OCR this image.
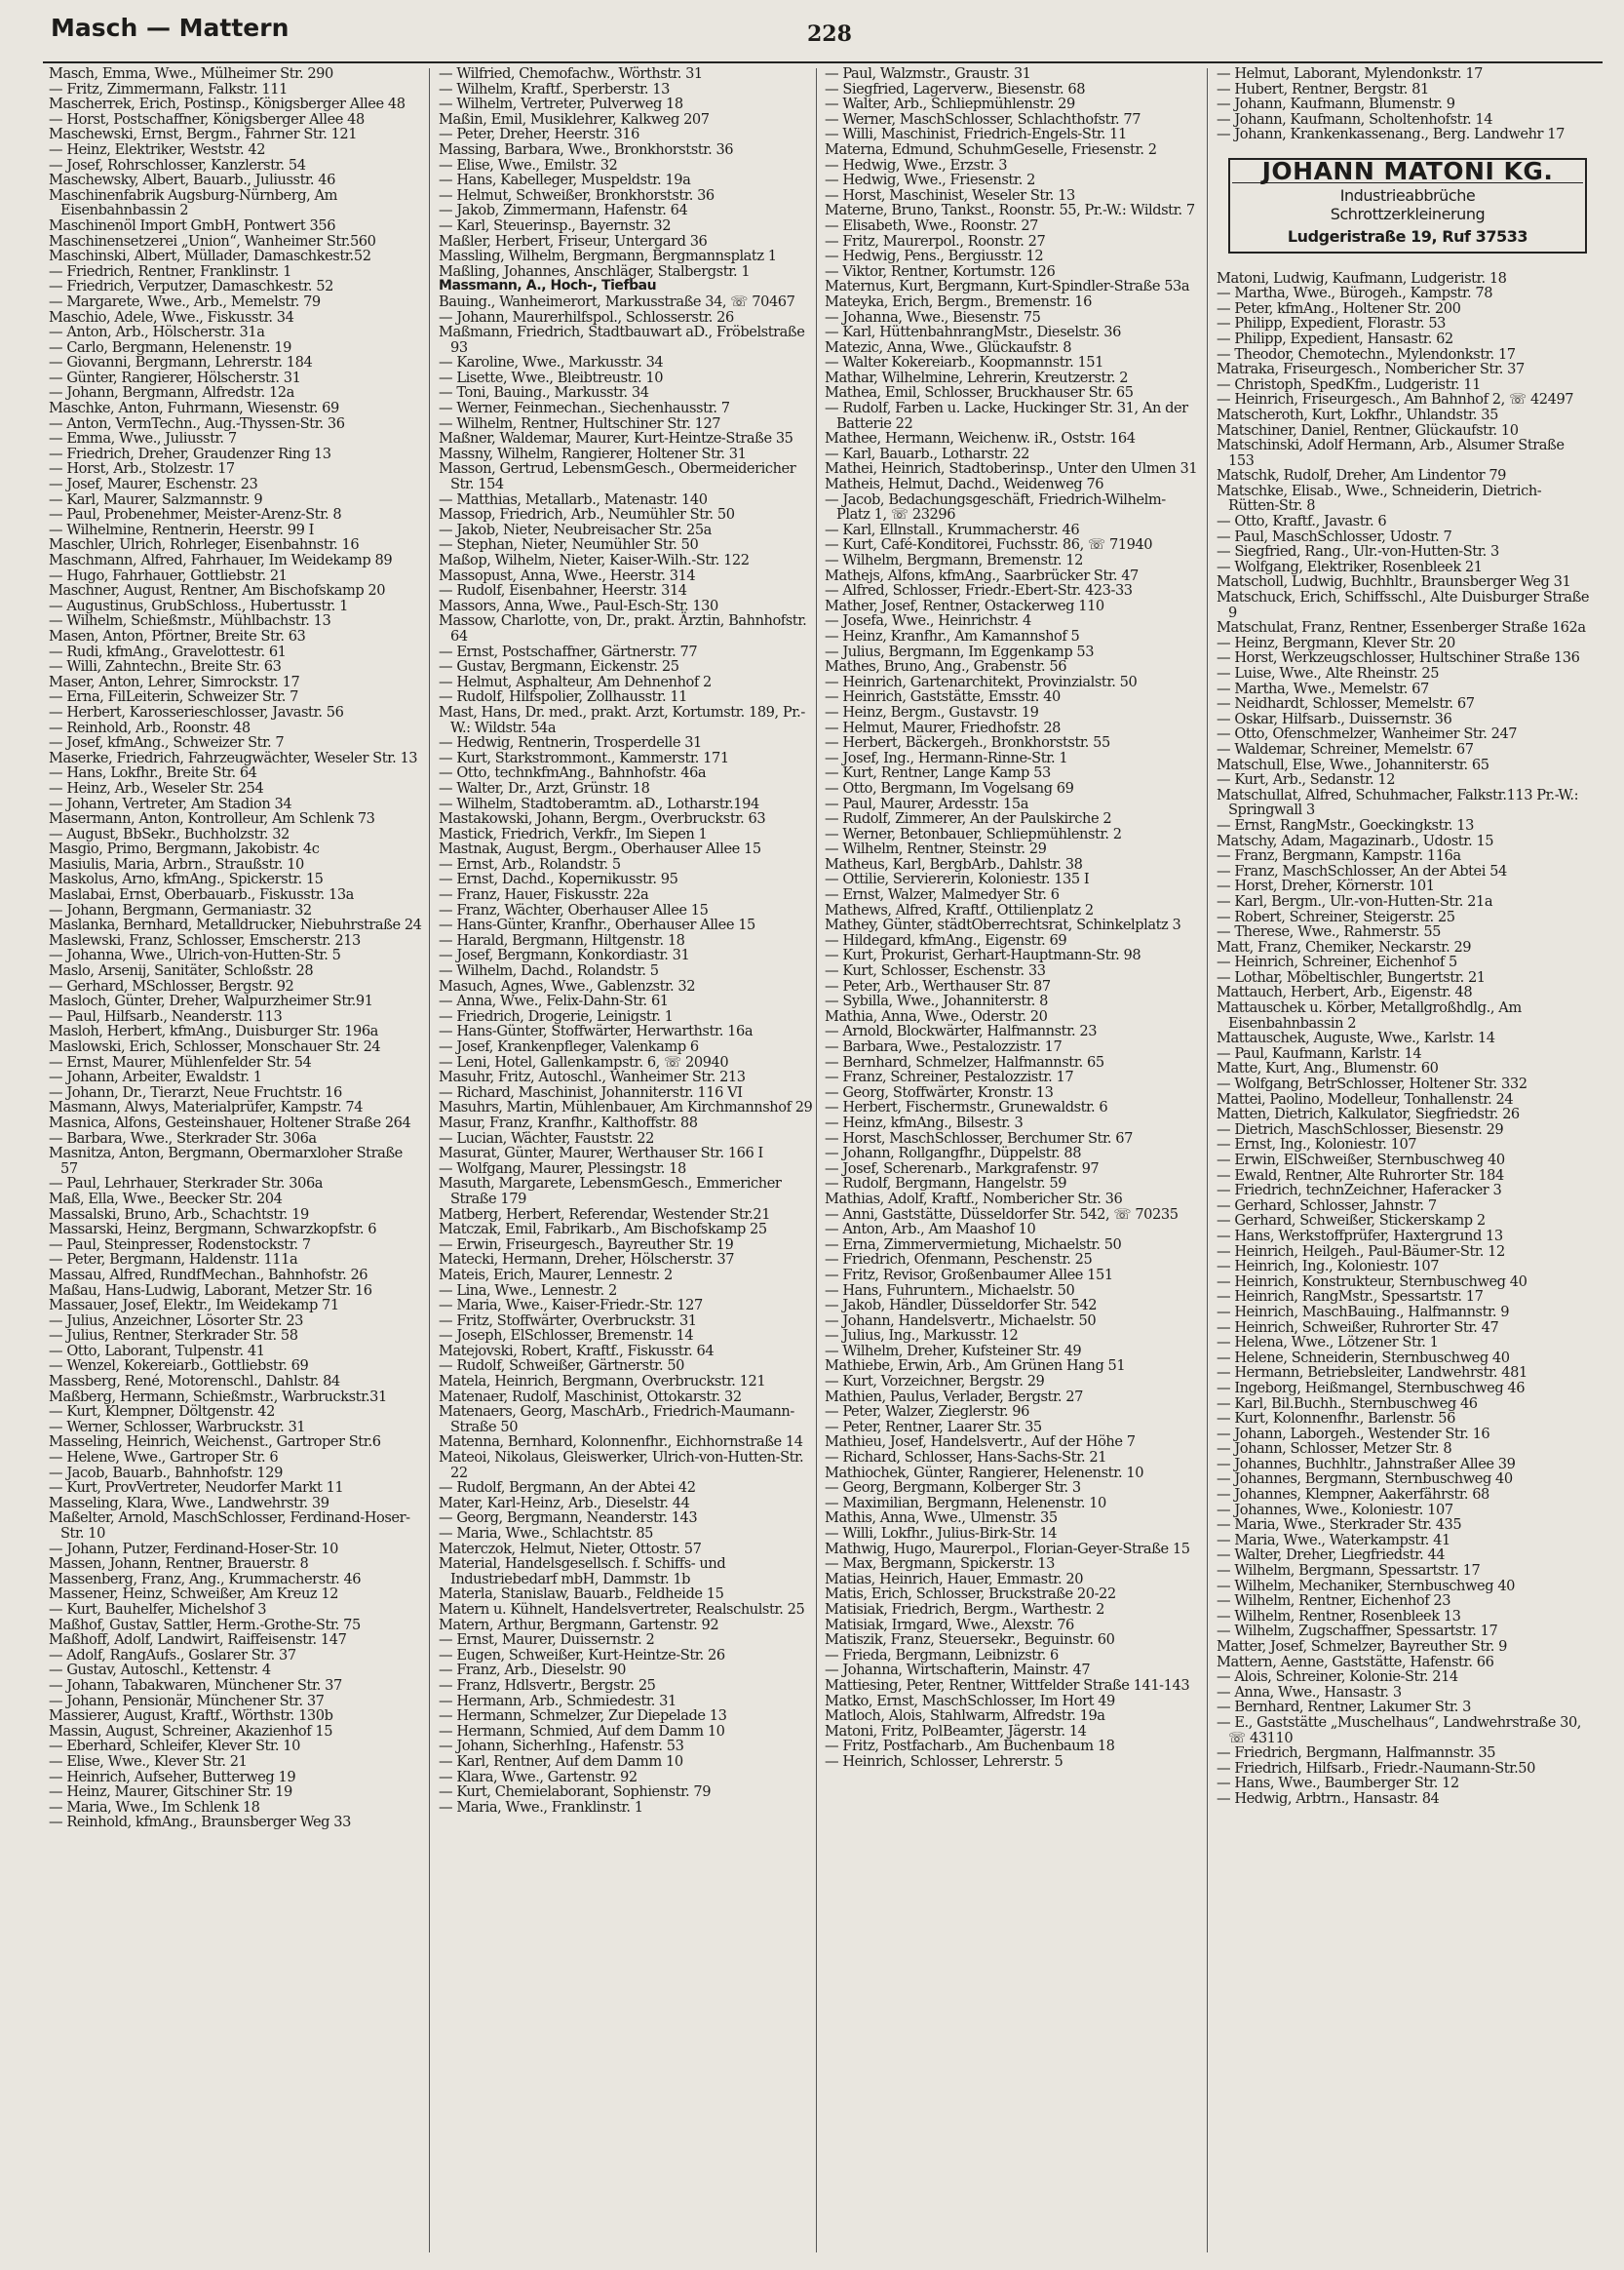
Masch — Mattern	228
Masch, Emma, Wwe., Mülheimer Str. 290
— Fritz, Zimmermann, Falkstr. 111
Mascherrek, Erich, Postinsp., Königsberger Allee 48
— Horst, Postschaffner, Königsberger Allee 48
Maschewski, Ernst, Bergm., Fahrner Str. 121
— Heinz, Elektriker, Weststr. 42
— Josef, Rohrschlosser, Kanzlerstr. 54
Maschewsky, Albert, Bauarb., Juliusstr. 46
Maschinenfabrik Augsburg-Nürnberg, Am Eisenbahnbassin 2
Maschinenöl Import GmbH, Pontwert 356
Maschinensetzerei „Union“, Wanheimer Str.560
Maschinski, Albert, Müllader, Damaschkestr.52
— Friedrich, Rentner, Franklinstr. 1
— Friedrich, Verputzer, Damaschkestr. 52
— Margarete, Wwe., Arb., Memelstr. 79
Maschio, Adele, Wwe., Fiskusstr. 34
— Anton, Arb., Hölscherstr. 31a
— Carlo, Bergmann, Helenenstr. 19
— Giovanni, Bergmann, Lehrerstr. 184
— Günter, Rangierer, Hölscherstr. 31
— Johann, Bergmann, Alfredstr. 12a
Maschke, Anton, Fuhrmann, Wiesenstr. 69
— Anton, VermTechn., Aug.-Thyssen-Str. 36
— Emma, Wwe., Juliusstr. 7
— Friedrich, Dreher, Graudenzer Ring 13
— Horst, Arb., Stolzestr. 17
— Josef, Maurer, Eschenstr. 23
— Karl, Maurer, Salzmannstr. 9
— Paul, Probenehmer, Meister-Arenz-Str. 8
— Wilhelmine, Rentnerin, Heerstr. 99 I
Maschler, Ulrich, Rohrleger, Eisenbahnstr. 16
Maschmann, Alfred, Fahrhauer, Im Weidekamp 89
— Hugo, Fahrhauer, Gottliebstr. 21
Maschner, August, Rentner, Am Bischofskamp 20
— Augustinus, GrubSchloss., Hubertusstr. 1
— Wilhelm, Schießmstr., Mühlbachstr. 13
Masen, Anton, Pförtner, Breite Str. 63
— Rudi, kfmAng., Gravelottestr. 61
— Willi, Zahntechn., Breite Str. 63
Maser, Anton, Lehrer, Simrockstr. 17
— Erna, FilLeiterin, Schweizer Str. 7
— Herbert, Karosserieschlosser, Javastr. 56
— Reinhold, Arb., Roonstr. 48
— Josef, kfmAng., Schweizer Str. 7
Maserke, Friedrich, Fahrzeugwächter, Weseler Str. 13
— Hans, Lokfhr., Breite Str. 64
— Heinz, Arb., Weseler Str. 254
— Johann, Vertreter, Am Stadion 34
Masermann, Anton, Kontrolleur, Am Schlenk 73
— August, BbSekr., Buchholzstr. 32
Masgio, Primo, Bergmann, Jakobistr. 4c
Masiulis, Maria, Arbrn., Straußstr. 10
Maskolus, Arno, kfmAng., Spickerstr. 15
Maslabai, Ernst, Oberbauarb., Fiskusstr. 13a
— Johann, Bergmann, Germaniastr. 32
Maslanka, Bernhard, Metalldrucker, Niebuhrstraße 24
Maslewski, Franz, Schlosser, Emscherstr. 213
— Johanna, Wwe., Ulrich-von-Hutten-Str. 5
Maslo, Arsenij, Sanitäter, Schloßstr. 28
— Gerhard, MSchlosser, Bergstr. 92
Masloch, Günter, Dreher, Walpurzheimer Str.91
— Paul, Hilfsarb., Neanderstr. 113
Masloh, Herbert, kfmAng., Duisburger Str. 196a
Maslowski, Erich, Schlosser, Monschauer Str. 24
— Ernst, Maurer, Mühlenfelder Str. 54
— Johann, Arbeiter, Ewaldstr. 1
— Johann, Dr., Tierarzt, Neue Fruchtstr. 16
Masmann, Alwys, Materialprüfer, Kampstr. 74
Masnica, Alfons, Gesteinshauer, Holtener Straße 264
— Barbara, Wwe., Sterkrader Str. 306a
Masnitza, Anton, Bergmann, Obermarxloher Straße 57
— Paul, Lehrhauer, Sterkrader Str. 306a
Maß, Ella, Wwe., Beecker Str. 204
Massalski, Bruno, Arb., Schachtstr. 19
Massarski, Heinz, Bergmann, Schwarzkopfstr. 6
— Paul, Steinpresser, Rodenstockstr. 7
— Peter, Bergmann, Haldenstr. 111a
Massau, Alfred, RundfMechan., Bahnhofstr. 26
Maßau, Hans-Ludwig, Laborant, Metzer Str. 16
Massauer, Josef, Elektr., Im Weidekamp 71
— Julius, Anzeichner, Lösorter Str. 23
— Julius, Rentner, Sterkrader Str. 58
— Otto, Laborant, Tulpenstr. 41
— Wenzel, Kokereiarb., Gottliebstr. 69
Massberg, René, Motorenschl., Dahlstr. 84
Maßberg, Hermann, Schießmstr., Warbruckstr.31
— Kurt, Klempner, Döltgenstr. 42
— Werner, Schlosser, Warbruckstr. 31
Masseling, Heinrich, Weichenst., Gartroper Str.6
— Helene, Wwe., Gartroper Str. 6
— Jacob, Bauarb., Bahnhofstr. 129
— Kurt, ProvVertreter, Neudorfer Markt 11
Masseling, Klara, Wwe., Landwehrstr. 39
Maßelter, Arnold, MaschSchlosser, Ferdinand-Hoser-Str. 10
— Johann, Putzer, Ferdinand-Hoser-Str. 10
Massen, Johann, Rentner, Brauerstr. 8
Massenberg, Franz, Ang., Krummacherstr. 46
Massener, Heinz, Schweißer, Am Kreuz 12
— Kurt, Bauhelfer, Michelshof 3
Maßhof, Gustav, Sattler, Herm.-Grothe-Str. 75
Maßhoff, Adolf, Landwirt, Raiffeisenstr. 147
— Adolf, RangAufs., Goslarer Str. 37
— Gustav, Autoschl., Kettenstr. 4
— Johann, Tabakwaren, Münchener Str. 37
— Johann, Pensionär, Münchener Str. 37
Massierer, August, Kraftf., Wörthstr. 130b
Massin, August, Schreiner, Akazienhof 15
— Eberhard, Schleifer, Klever Str. 10
— Elise, Wwe., Klever Str. 21
— Heinrich, Aufseher, Butterweg 19
— Heinz, Maurer, Gitschiner Str. 19
— Maria, Wwe., Im Schlenk 18
— Reinhold, kfmAng., Braunsberger Weg 33
— Wilfried, Chemofachw., Wörthstr. 31
— Wilhelm, Kraftf., Sperberstr. 13
— Wilhelm, Vertreter, Pulverweg 18
Maßin, Emil, Musiklehrer, Kalkweg 207
— Peter, Dreher, Heerstr. 316
Massing, Barbara, Wwe., Bronkhorststr. 36
— Elise, Wwe., Emilstr. 32
— Hans, Kabelleger, Muspeldstr. 19a
— Helmut, Schweißer, Bronkhorststr. 36
— Jakob, Zimmermann, Hafenstr. 64
— Karl, Steuerinsp., Bayernstr. 32
Maßler, Herbert, Friseur, Untergard 36
Massling, Wilhelm, Bergmann, Bergmannsplatz 1
Maßling, Johannes, Anschläger, Stalbergstr. 1
Massmann, A., Hoch-, Tiefbau
Bauing., Wanheimerort, Markusstraße 34, ☏ 70467
— Johann, Maurerhilfspol., Schlosserstr. 26
Maßmann, Friedrich, Stadtbauwart aD., Fröbelstraße 93
— Karoline, Wwe., Markusstr. 34
— Lisette, Wwe., Bleibtreustr. 10
— Toni, Bauing., Markusstr. 34
— Werner, Feinmechan., Siechenhausstr. 7
— Wilhelm, Rentner, Hultschiner Str. 127
Maßner, Waldemar, Maurer, Kurt-Heintze-Straße 35
Massny, Wilhelm, Rangierer, Holtener Str. 31
Masson, Gertrud, LebensmGesch., Obermeidericher Str. 154
— Matthias, Metallarb., Matenastr. 140
Massop, Friedrich, Arb., Neumühler Str. 50
— Jakob, Nieter, Neubreisacher Str. 25a
— Stephan, Nieter, Neumühler Str. 50
Maßop, Wilhelm, Nieter, Kaiser-Wilh.-Str. 122
Massopust, Anna, Wwe., Heerstr. 314
— Rudolf, Eisenbahner, Heerstr. 314
Massors, Anna, Wwe., Paul-Esch-Str. 130
Massow, Charlotte, von, Dr., prakt. Ärztin, Bahnhofstr. 64
— Ernst, Postschaffner, Gärtnerstr. 77
— Gustav, Bergmann, Eickenstr. 25
— Helmut, Asphalteur, Am Dehnenhof 2
— Rudolf, Hilfspolier, Zollhausstr. 11
Mast, Hans, Dr. med., prakt. Arzt, Kortumstr. 189, Pr.-W.: Wildstr. 54a
— Hedwig, Rentnerin, Trosperdelle 31
— Kurt, Starkstrommont., Kammerstr. 171
— Otto, technkfmAng., Bahnhofstr. 46a
— Walter, Dr., Arzt, Grünstr. 18
— Wilhelm, Stadtoberamtm. aD., Lotharstr.194
Mastakowski, Johann, Bergm., Overbruckstr. 63
Mastick, Friedrich, Verkfr., Im Siepen 1
Mastnak, August, Bergm., Oberhauser Allee 15
— Ernst, Arb., Rolandstr. 5
— Ernst, Dachd., Kopernikusstr. 95
— Franz, Hauer, Fiskusstr. 22a
— Franz, Wächter, Oberhauser Allee 15
— Hans-Günter, Kranfhr., Oberhauser Allee 15
— Harald, Bergmann, Hiltgenstr. 18
— Josef, Bergmann, Konkordiastr. 31
— Wilhelm, Dachd., Rolandstr. 5
Masuch, Agnes, Wwe., Gablenzstr. 32
— Anna, Wwe., Felix-Dahn-Str. 61
— Friedrich, Drogerie, Leinigstr. 1
— Hans-Günter, Stoffwärter, Herwarthstr. 16a
— Josef, Krankenpfleger, Valenkamp 6
— Leni, Hotel, Gallenkampstr. 6, ☏ 20940
Masuhr, Fritz, Autoschl., Wanheimer Str. 213
— Richard, Maschinist, Johanniterstr. 116 VI
Masuhrs, Martin, Mühlenbauer, Am Kirchmannshof 29
Masur, Franz, Kranfhr., Kalthoffstr. 88
— Lucian, Wächter, Fauststr. 22
Masurat, Günter, Maurer, Werthauser Str. 166 I
— Wolfgang, Maurer, Plessingstr. 18
Masuth, Margarete, LebensmGesch., Emmericher Straße 179
Matberg, Herbert, Referendar, Westender Str.21
Matczak, Emil, Fabrikarb., Am Bischofskamp 25
— Erwin, Friseurgesch., Bayreuther Str. 19
Matecki, Hermann, Dreher, Hölscherstr. 37
Mateis, Erich, Maurer, Lennestr. 2
— Lina, Wwe., Lennestr. 2
— Maria, Wwe., Kaiser-Friedr.-Str. 127
— Fritz, Stoffwärter, Overbruckstr. 31
— Joseph, ElSchlosser, Bremenstr. 14
Matejovski, Robert, Kraftf., Fiskusstr. 64
— Rudolf, Schweißer, Gärtnerstr. 50
Matela, Heinrich, Bergmann, Overbruckstr. 121
Matenaer, Rudolf, Maschinist, Ottokarstr. 32
Matenaers, Georg, MaschArb., Friedrich-Maumann-Straße 50
Matenna, Bernhard, Kolonnenfhr., Eichhornstraße 14
Mateoi, Nikolaus, Gleiswerker, Ulrich-von-Hutten-Str. 22
— Rudolf, Bergmann, An der Abtei 42
Mater, Karl-Heinz, Arb., Dieselstr. 44
— Georg, Bergmann, Neanderstr. 143
— Maria, Wwe., Schlachtstr. 85
Materczok, Helmut, Nieter, Ottostr. 57
Material, Handelsgesellsch. f. Schiffs- und Industriebedarf mbH, Dammstr. 1b
Materla, Stanislaw, Bauarb., Feldheide 15
Matern u. Kühnelt, Handelsvertreter, Realschulstr. 25
Matern, Arthur, Bergmann, Gartenstr. 92
— Ernst, Maurer, Duissernstr. 2
— Eugen, Schweißer, Kurt-Heintze-Str. 26
— Franz, Arb., Dieselstr. 90
— Franz, Hdlsvertr., Bergstr. 25
— Hermann, Arb., Schmiedestr. 31
— Hermann, Schmelzer, Zur Diepelade 13
— Hermann, Schmied, Auf dem Damm 10
— Johann, SicherhIng., Hafenstr. 53
— Karl, Rentner, Auf dem Damm 10
— Klara, Wwe., Gartenstr. 92
— Kurt, Chemielaborant, Sophienstr. 79
— Maria, Wwe., Franklinstr. 1
— Paul, Walzmstr., Graustr. 31
— Siegfried, Lagerverw., Biesenstr. 68
— Walter, Arb., Schliepmühlenstr. 29
— Werner, MaschSchlosser, Schlachthofstr. 77
— Willi, Maschinist, Friedrich-Engels-Str. 11
Materna, Edmund, SchuhmGeselle, Friesenstr. 2
— Hedwig, Wwe., Erzstr. 3
— Hedwig, Wwe., Friesenstr. 2
— Horst, Maschinist, Weseler Str. 13
Materne, Bruno, Tankst., Roonstr. 55, Pr.-W.: Wildstr. 7
— Elisabeth, Wwe., Roonstr. 27
— Fritz, Maurerpol., Roonstr. 27
— Hedwig, Pens., Bergiusstr. 12
— Viktor, Rentner, Kortumstr. 126
Maternus, Kurt, Bergmann, Kurt-Spindler-Straße 53a
Mateyka, Erich, Bergm., Bremenstr. 16
— Johanna, Wwe., Biesenstr. 75
— Karl, HüttenbahnrangMstr., Dieselstr. 36
Matezic, Anna, Wwe., Glückaufstr. 8
— Walter Kokereiarb., Koopmannstr. 151
Mathar, Wilhelmine, Lehrerin, Kreutzerstr. 2
Mathea, Emil, Schlosser, Bruckhauser Str. 65
— Rudolf, Farben u. Lacke, Huckinger Str. 31, An der Batterie 22
Mathee, Hermann, Weichenw. iR., Oststr. 164
— Karl, Bauarb., Lotharstr. 22
Mathei, Heinrich, Stadtoberinsp., Unter den Ulmen 31
Matheis, Helmut, Dachd., Weidenweg 76
— Jacob, Bedachungsgeschäft, Friedrich-Wilhelm-Platz 1, ☏ 23296
— Karl, Ellnstall., Krummacherstr. 46
— Kurt, Café-Konditorei, Fuchsstr. 86, ☏ 71940
— Wilhelm, Bergmann, Bremenstr. 12
Mathejs, Alfons, kfmAng., Saarbrücker Str. 47
— Alfred, Schlosser, Friedr.-Ebert-Str. 423-33
Mather, Josef, Rentner, Ostackerweg 110
— Josefa, Wwe., Heinrichstr. 4
— Heinz, Kranfhr., Am Kamannshof 5
— Julius, Bergmann, Im Eggenkamp 53
Mathes, Bruno, Ang., Grabenstr. 56
— Heinrich, Gartenarchitekt, Provinzialstr. 50
— Heinrich, Gaststätte, Emsstr. 40
— Heinz, Bergm., Gustavstr. 19
— Helmut, Maurer, Friedhofstr. 28
— Herbert, Bäckergeh., Bronkhorststr. 55
— Josef, Ing., Hermann-Rinne-Str. 1
— Kurt, Rentner, Lange Kamp 53
— Otto, Bergmann, Im Vogelsang 69
— Paul, Maurer, Ardesstr. 15a
— Rudolf, Zimmerer, An der Paulskirche 2
— Werner, Betonbauer, Schliepmühlenstr. 2
— Wilhelm, Rentner, Steinstr. 29
Matheus, Karl, BergbArb., Dahlstr. 38
— Ottilie, Serviererin, Koloniestr. 135 I
— Ernst, Walzer, Malmedyer Str. 6
Mathews, Alfred, Kraftf., Ottilienplatz 2
Mathey, Günter, städtOberrechtsrat, Schinkelplatz 3
— Hildegard, kfmAng., Eigenstr. 69
— Kurt, Prokurist, Gerhart-Hauptmann-Str. 98
— Kurt, Schlosser, Eschenstr. 33
— Peter, Arb., Werthauser Str. 87
— Sybilla, Wwe., Johanniterstr. 8
Mathia, Anna, Wwe., Oderstr. 20
— Arnold, Blockwärter, Halfmannstr. 23
— Barbara, Wwe., Pestalozzistr. 17
— Bernhard, Schmelzer, Halfmannstr. 65
— Franz, Schreiner, Pestalozzistr. 17
— Georg, Stoffwärter, Kronstr. 13
— Herbert, Fischermstr., Grunewaldstr. 6
— Heinz, kfmAng., Bilsestr. 3
— Horst, MaschSchlosser, Berchumer Str. 67
— Johann, Rollgangfhr., Düppelstr. 88
— Josef, Scherenarb., Markgrafenstr. 97
— Rudolf, Bergmann, Hangelstr. 59
Mathias, Adolf, Kraftf., Nombericher Str. 36
— Anni, Gaststätte, Düsseldorfer Str. 542, ☏ 70235
— Anton, Arb., Am Maashof 10
— Erna, Zimmervermietung, Michaelstr. 50
— Friedrich, Ofenmann, Peschenstr. 25
— Fritz, Revisor, Großenbaumer Allee 151
— Hans, Fuhruntern., Michaelstr. 50
— Jakob, Händler, Düsseldorfer Str. 542
— Johann, Handelsvertr., Michaelstr. 50
— Julius, Ing., Markusstr. 12
— Wilhelm, Dreher, Kufsteiner Str. 49
Mathiebe, Erwin, Arb., Am Grünen Hang 51
— Kurt, Vorzeichner, Bergstr. 29
Mathien, Paulus, Verlader, Bergstr. 27
— Peter, Walzer, Zieglerstr. 96
— Peter, Rentner, Laarer Str. 35
Mathieu, Josef, Handelsvertr., Auf der Höhe 7
— Richard, Schlosser, Hans-Sachs-Str. 21
Mathiochek, Günter, Rangierer, Helenenstr. 10
— Georg, Bergmann, Kolberger Str. 3
— Maximilian, Bergmann, Helenenstr. 10
Mathis, Anna, Wwe., Ulmenstr. 35
— Willi, Lokfhr., Julius-Birk-Str. 14
Mathwig, Hugo, Maurerpol., Florian-Geyer-Straße 15
— Max, Bergmann, Spickerstr. 13
Matias, Heinrich, Hauer, Emmastr. 20
Matis, Erich, Schlosser, Bruckstraße 20-22
Matisiak, Friedrich, Bergm., Warthestr. 2
Matisiak, Irmgard, Wwe., Alexstr. 76
Matiszik, Franz, Steuersekr., Beguinstr. 60
— Frieda, Bergmann, Leibnizstr. 6
— Johanna, Wirtschafterin, Mainstr. 47
Mattiesing, Peter, Rentner, Wittfelder Straße 141-143
Matko, Ernst, MaschSchlosser, Im Hort 49
Matloch, Alois, Stahlwarm, Alfredstr. 19a
Matoni, Fritz, PolBeamter, Jägerstr. 14
— Fritz, Postfacharb., Am Buchenbaum 18
— Heinrich, Schlosser, Lehrerstr. 5
— Helmut, Laborant, Mylendonkstr. 17
— Hubert, Rentner, Bergstr. 81
— Johann, Kaufmann, Blumenstr. 9
— Johann, Kaufmann, Scholtenhofstr. 14
— Johann, Krankenkassenang., Berg. Landwehr 17
JOHANN MATONI KG.
Industrieabbrüche
Schrottzerkleinerung
Ludgeristraße 19, Ruf 37533
Matoni, Ludwig, Kaufmann, Ludgeristr. 18
— Martha, Wwe., Bürogeh., Kampstr. 78
— Peter, kfmAng., Holtener Str. 200
— Philipp, Expedient, Florastr. 53
— Philipp, Expedient, Hansastr. 62
— Theodor, Chemotechn., Mylendonkstr. 17
Matraka, Friseurgesch., Nombericher Str. 37
— Christoph, SpedKfm., Ludgeristr. 11
— Heinrich, Friseurgesch., Am Bahnhof 2, ☏ 42497
Matscheroth, Kurt, Lokfhr., Uhlandstr. 35
Matschiner, Daniel, Rentner, Glückaufstr. 10
Matschinski, Adolf Hermann, Arb., Alsumer Straße 153
Matschk, Rudolf, Dreher, Am Lindentor 79
Matschke, Elisab., Wwe., Schneiderin, Dietrich-Rütten-Str. 8
— Otto, Kraftf., Javastr. 6
— Paul, MaschSchlosser, Udostr. 7
— Siegfried, Rang., Ulr.-von-Hutten-Str. 3
— Wolfgang, Elektriker, Rosenbleek 21
Matscholl, Ludwig, Buchhltr., Braunsberger Weg 31
Matschuck, Erich, Schiffsschl., Alte Duisburger Straße 9
Matschulat, Franz, Rentner, Essenberger Straße 162a
— Heinz, Bergmann, Klever Str. 20
— Horst, Werkzeugschlosser, Hultschiner Straße 136
— Luise, Wwe., Alte Rheinstr. 25
— Martha, Wwe., Memelstr. 67
— Neidhardt, Schlosser, Memelstr. 67
— Oskar, Hilfsarb., Duissernstr. 36
— Otto, Ofenschmelzer, Wanheimer Str. 247
— Waldemar, Schreiner, Memelstr. 67
Matschull, Else, Wwe., Johanniterstr. 65
— Kurt, Arb., Sedanstr. 12
Matschullat, Alfred, Schuhmacher, Falkstr.113 Pr.-W.: Springwall 3
— Ernst, RangMstr., Goeckingkstr. 13
Matschy, Adam, Magazinarb., Udostr. 15
— Franz, Bergmann, Kampstr. 116a
— Franz, MaschSchlosser, An der Abtei 54
— Horst, Dreher, Körnerstr. 101
— Karl, Bergm., Ulr.-von-Hutten-Str. 21a
— Robert, Schreiner, Steigerstr. 25
— Therese, Wwe., Rahmerstr. 55
Matt, Franz, Chemiker, Neckarstr. 29
— Heinrich, Schreiner, Eichenhof 5
— Lothar, Möbeltischler, Bungertstr. 21
Mattauch, Herbert, Arb., Eigenstr. 48
Mattauschek u. Körber, Metallgroßhdlg., Am Eisenbahnbassin 2
Mattauschek, Auguste, Wwe., Karlstr. 14
— Paul, Kaufmann, Karlstr. 14
Matte, Kurt, Ang., Blumenstr. 60
— Wolfgang, BetrSchlosser, Holtener Str. 332
Mattei, Paolino, Modelleur, Tonhallenstr. 24
Matten, Dietrich, Kalkulator, Siegfriedstr. 26
— Dietrich, MaschSchlosser, Biesenstr. 29
— Ernst, Ing., Koloniestr. 107
— Erwin, ElSchweißer, Sternbuschweg 40
— Ewald, Rentner, Alte Ruhrorter Str. 184
— Friedrich, technZeichner, Haferacker 3
— Gerhard, Schlosser, Jahnstr. 7
— Gerhard, Schweißer, Stickerskamp 2
— Hans, Werkstoffprüfer, Haxtergrund 13
— Heinrich, Heilgeh., Paul-Bäumer-Str. 12
— Heinrich, Ing., Koloniestr. 107
— Heinrich, Konstrukteur, Sternbuschweg 40
— Heinrich, RangMstr., Spessartstr. 17
— Heinrich, MaschBauing., Halfmannstr. 9
— Heinrich, Schweißer, Ruhrorter Str. 47
— Helena, Wwe., Lötzener Str. 1
— Helene, Schneiderin, Sternbuschweg 40
— Hermann, Betriebsleiter, Landwehrstr. 481
— Ingeborg, Heißmangel, Sternbuschweg 46
— Karl, Bil.Buchh., Sternbuschweg 46
— Kurt, Kolonnenfhr., Barlenstr. 56
— Johann, Laborgeh., Westender Str. 16
— Johann, Schlosser, Metzer Str. 8
— Johannes, Buchhltr., Jahnstraßer Allee 39
— Johannes, Bergmann, Sternbuschweg 40
— Johannes, Klempner, Aakerfährstr. 68
— Johannes, Wwe., Koloniestr. 107
— Maria, Wwe., Sterkrader Str. 435
— Maria, Wwe., Waterkampstr. 41
— Walter, Dreher, Liegfriedstr. 44
— Wilhelm, Bergmann, Spessartstr. 17
— Wilhelm, Mechaniker, Sternbuschweg 40
— Wilhelm, Rentner, Eichenhof 23
— Wilhelm, Rentner, Rosenbleek 13
— Wilhelm, Zugschaffner, Spessartstr. 17
Matter, Josef, Schmelzer, Bayreuther Str. 9
Mattern, Aenne, Gaststätte, Hafenstr. 66
— Alois, Schreiner, Kolonie-Str. 214
— Anna, Wwe., Hansastr. 3
— Bernhard, Rentner, Lakumer Str. 3
— E., Gaststätte „Muschelhaus“, Landwehrstraße 30, ☏ 43110
— Friedrich, Bergmann, Halfmannstr. 35
— Friedrich, Hilfsarb., Friedr.-Naumann-Str.50
— Hans, Wwe., Baumberger Str. 12
— Hedwig, Arbtrn., Hansastr. 84
